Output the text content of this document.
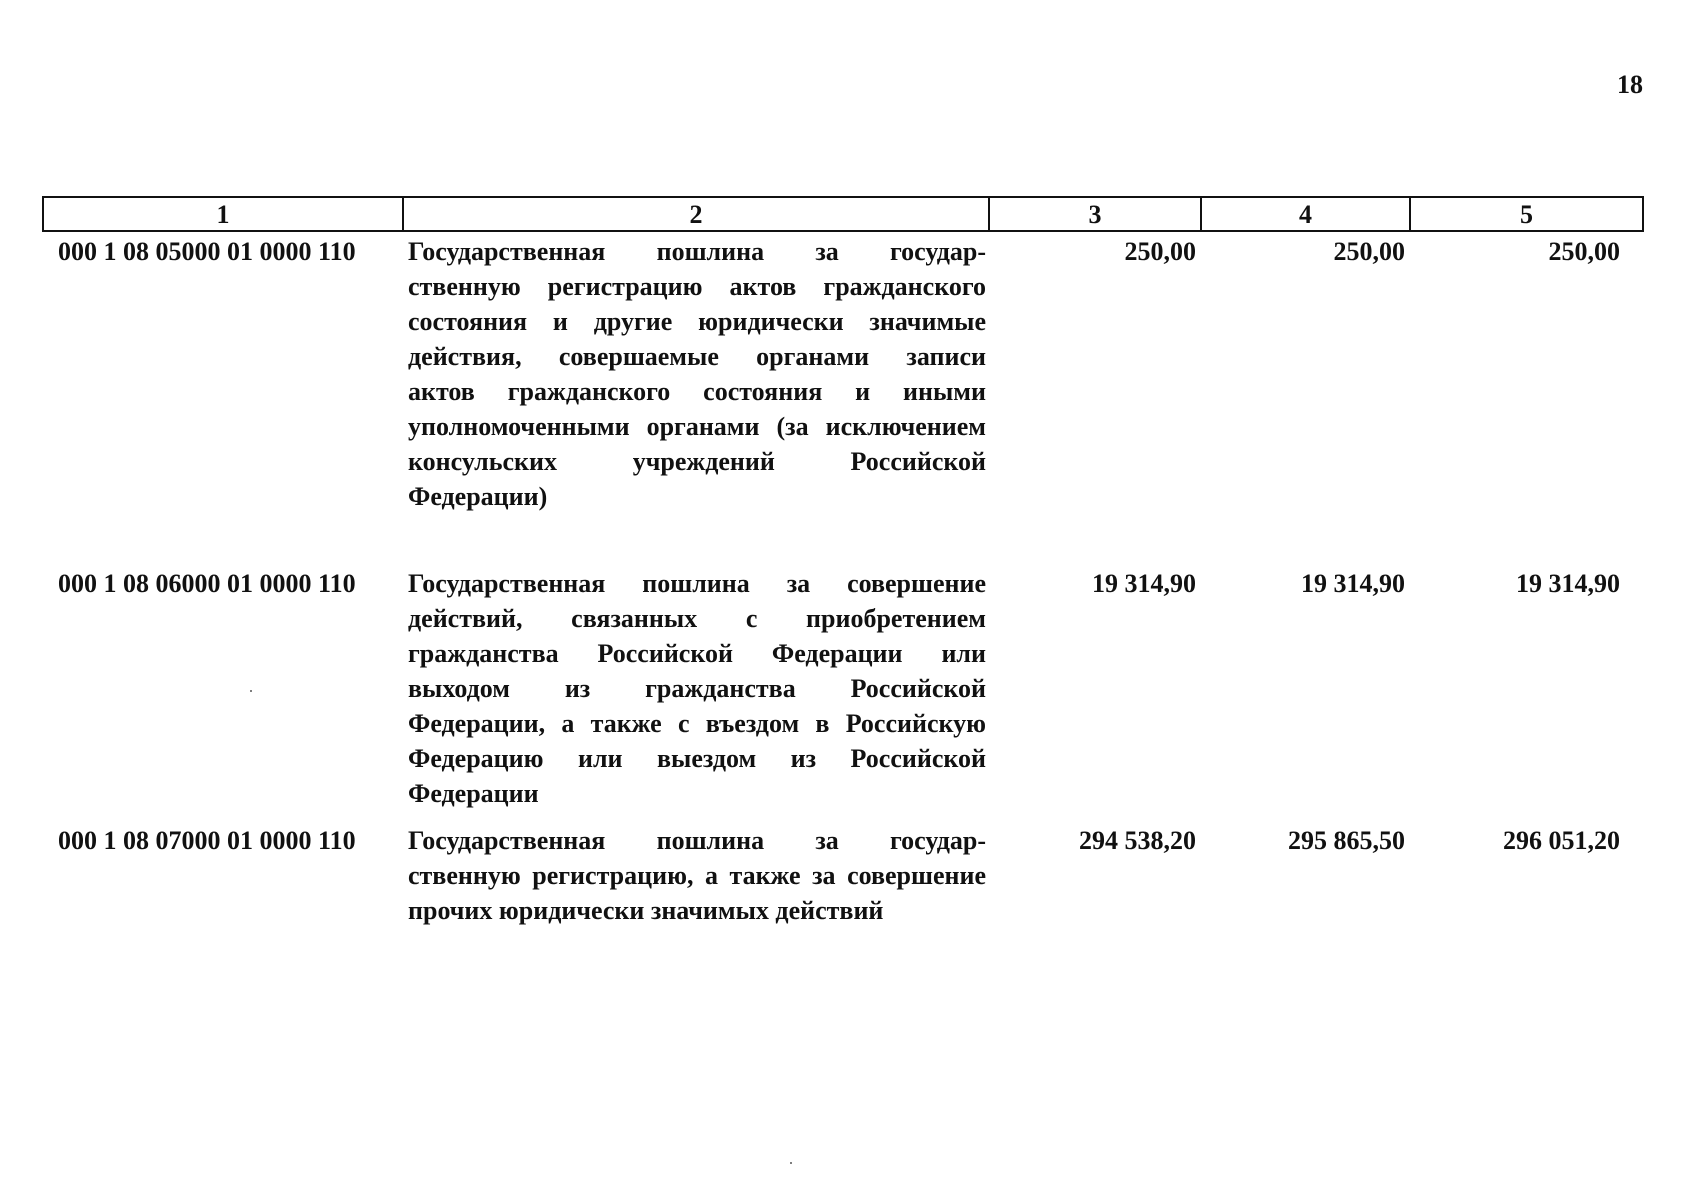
18
1	2	3	4	5
000 1 08 05000 01 0000 110	Государственная пошлина за государ-
ственную регистрацию актов гражданского
состояния и другие юридически значимые
действия, совершаемые органами записи
актов гражданского состояния и иными
уполномоченными органами (за исключением
консульских учреждений Российской
Федерации)
250,00	250,00	250,00
000 1 08 06000 01 0000 110	Государственная пошлина за совершение
действий, связанных с приобретением
гражданства Российской Федерации или
выходом из гражданства Российской
Федерации, а также с въездом в Российскую
Федерацию или выездом из Российской
Федерации
19 314,90	19 314,90	19 314,90
000 1 08 07000 01 0000 110	Государственная пошлина за государ-
ственную регистрацию, а также за совершение
прочих юридически значимых действий
294 538,20	295 865,50	296 051,20
